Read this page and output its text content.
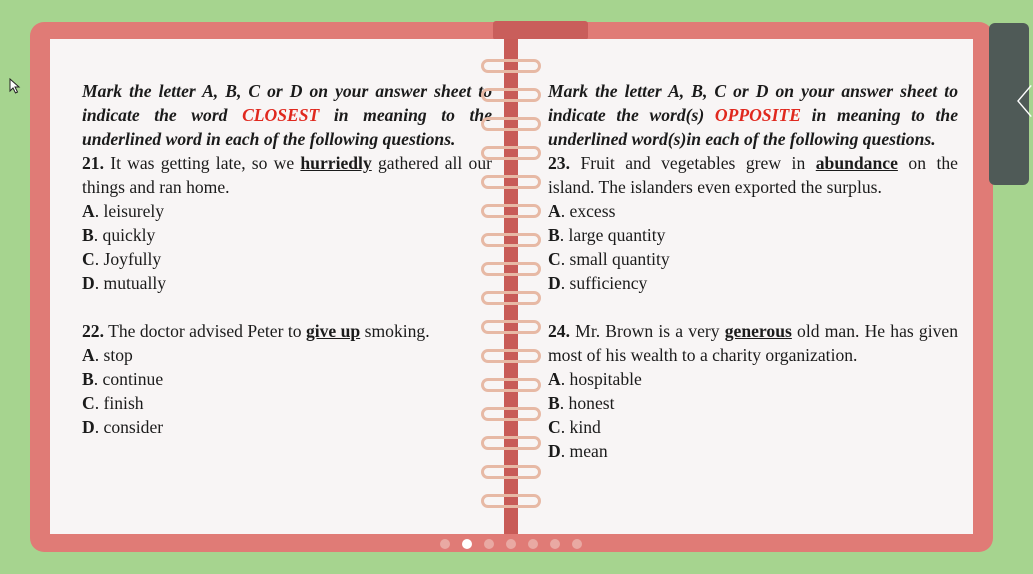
Mark the letter A, B, C or D on your answer sheet to indicate the word CLOSEST in meaning to the underlined word in each of the following questions.
21. It was getting late, so we hurriedly gathered all our things and ran home.
A. leisurely
B. quickly
C. Joyfully
D. mutually
22. The doctor advised Peter to give up smoking.
A. stop
B. continue
C. finish
D. consider
Mark the letter A, B, C or D on your answer sheet to indicate the word(s) OPPOSITE in meaning to the underlined word(s)in each of the following questions.
23. Fruit and vegetables grew in abundance on the island. The islanders even exported the surplus.
A. excess
B. large quantity
C. small quantity
D. sufficiency
24. Mr. Brown is a very generous old man. He has given most of his wealth to a charity organization.
A. hospitable
B. honest
C. kind
D. mean
〈
